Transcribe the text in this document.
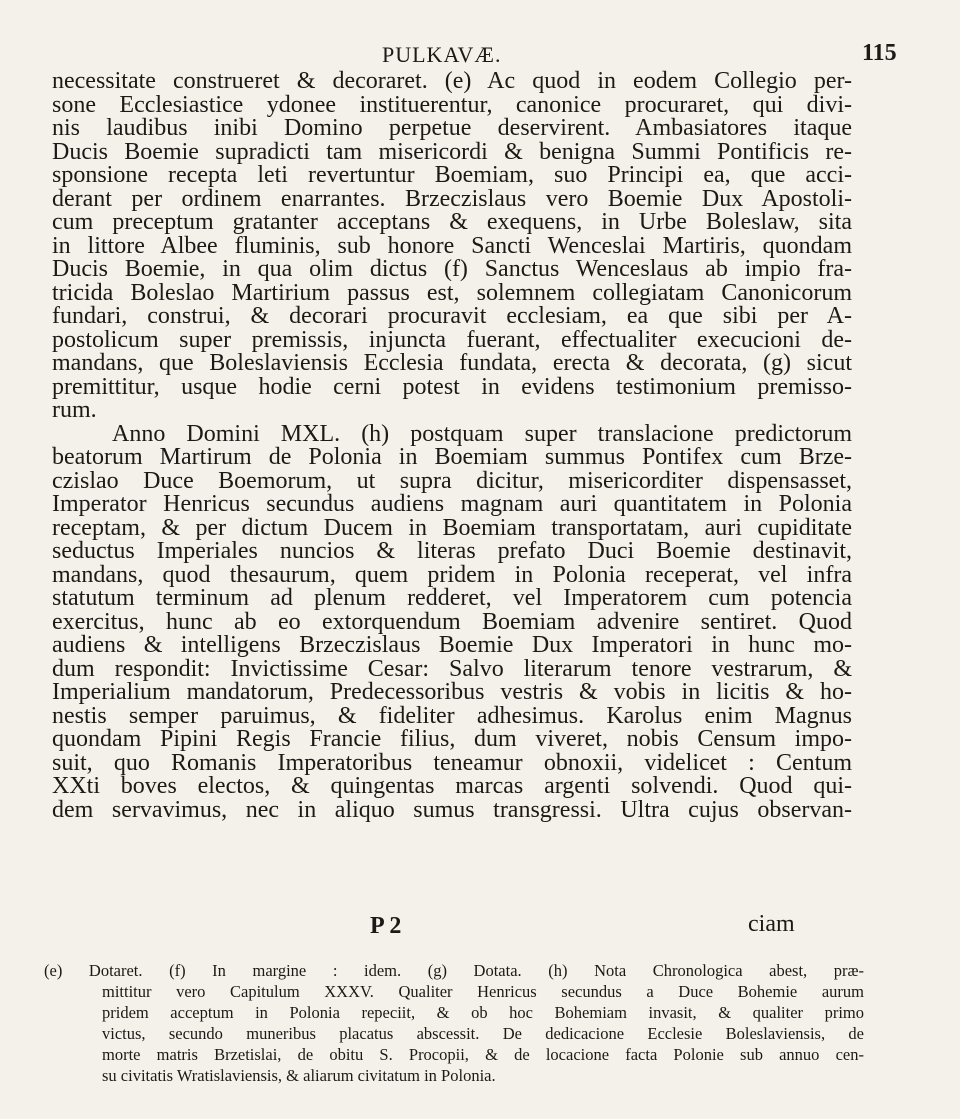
PULKAVÆ.	115
necessitate construeret & decoraret. (e) Ac quod in eodem Collegio per-
sone Ecclesiastice ydonee instituerentur, canonice procuraret, qui divi-
nis laudibus inibi Domino perpetue deservirent. Ambasiatores itaque
Ducis Boemie supradicti tam misericordi & benigna Summi Pontificis re-
sponsione recepta leti revertuntur Boemiam, suo Principi ea, que acci-
derant per ordinem enarrantes. Brzeczislaus vero Boemie Dux Apostoli-
cum preceptum gratanter acceptans & exequens, in Urbe Boleslaw, sita
in littore Albee fluminis, sub honore Sancti Wenceslai Martiris, quondam
Ducis Boemie, in qua olim dictus (f) Sanctus Wenceslaus ab impio fra-
tricida Boleslao Martirium passus est, solemnem collegiatam Canonicorum
fundari, construi, & decorari procuravit ecclesiam, ea que sibi per A-
postolicum super premissis, injuncta fuerant, effectualiter execucioni de-
mandans, que Boleslaviensis Ecclesia fundata, erecta & decorata, (g) sicut
premittitur, usque hodie cerni potest in evidens testimonium premisso-
rum.
Anno Domini MXL. (h) postquam super translacione predictorum
beatorum Martirum de Polonia in Boemiam summus Pontifex cum Brze-
czislao Duce Boemorum, ut supra dicitur, misericorditer dispensasset,
Imperator Henricus secundus audiens magnam auri quantitatem in Polonia
receptam, & per dictum Ducem in Boemiam transportatam, auri cupiditate
seductus Imperiales nuncios & literas prefato Duci Boemie destinavit,
mandans, quod thesaurum, quem pridem in Polonia receperat, vel infra
statutum terminum ad plenum redderet, vel Imperatorem cum potencia
exercitus, hunc ab eo extorquendum Boemiam advenire sentiret. Quod
audiens & intelligens Brzeczislaus Boemie Dux Imperatori in hunc mo-
dum respondit: Invictissime Cesar: Salvo literarum tenore vestrarum, &
Imperialium mandatorum, Predecessoribus vestris & vobis in licitis & ho-
nestis semper paruimus, & fideliter adhesimus. Karolus enim Magnus
quondam Pipini Regis Francie filius, dum viveret, nobis Censum impo-
suit, quo Romanis Imperatoribus teneamur obnoxii, videlicet : Centum
XXti boves electos, & quingentas marcas argenti solvendi. Quod qui-
dem servavimus, nec in aliquo sumus transgressi. Ultra cujus observan-
P 2	ciam
(e) Dotaret. (f) In margine : idem. (g) Dotata. (h) Nota Chronologica abest, præ-
mittitur vero Capitulum XXXV. Qualiter Henricus secundus a Duce Bohemie aurum
pridem acceptum in Polonia repeciit, & ob hoc Bohemiam invasit, & qualiter primo
victus, secundo muneribus placatus abscessit. De dedicacione Ecclesie Boleslaviensis, de
morte matris Brzetislai, de obitu S. Procopii, & de locacione facta Polonie sub annuo cen-
su civitatis Wratislaviensis, & aliarum civitatum in Polonia.
